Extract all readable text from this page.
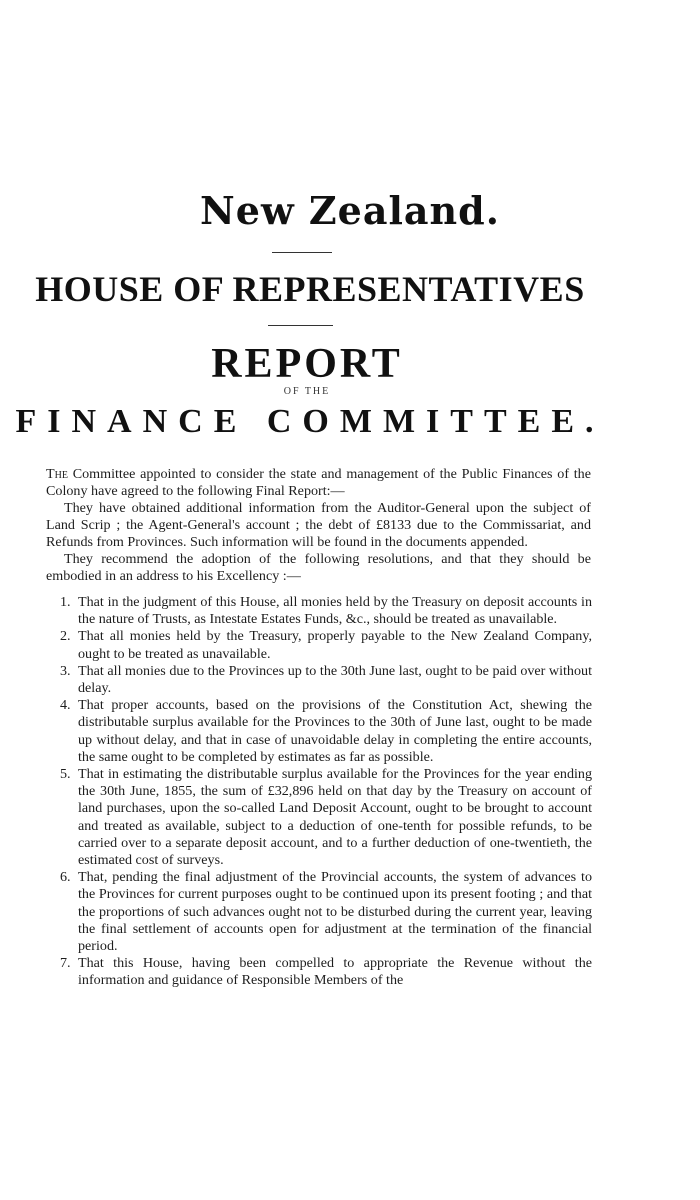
New Zealand.
HOUSE OF REPRESENTATIVES
REPORT
OF THE
FINANCE COMMITTEE.
The Committee appointed to consider the state and management of the Public Finances of the Colony have agreed to the following Final Report:—
They have obtained additional information from the Auditor-General upon the subject of Land Scrip ; the Agent-General's account ; the debt of £8133 due to the Commissariat, and Refunds from Provinces. Such information will be found in the documents appended.
They recommend the adoption of the following resolutions, and that they should be embodied in an address to his Excellency :—
1. That in the judgment of this House, all monies held by the Treasury on deposit accounts in the nature of Trusts, as Intestate Estates Funds, &c., should be treated as unavailable.
2. That all monies held by the Treasury, properly payable to the New Zealand Company, ought to be treated as unavailable.
3. That all monies due to the Provinces up to the 30th June last, ought to be paid over without delay.
4. That proper accounts, based on the provisions of the Constitution Act, shewing the distributable surplus available for the Provinces to the 30th of June last, ought to be made up without delay, and that in case of unavoidable delay in completing the entire accounts, the same ought to be completed by estimates as far as possible.
5. That in estimating the distributable surplus available for the Provinces for the year ending the 30th June, 1855, the sum of £32,896 held on that day by the Treasury on account of land purchases, upon the so-called Land Deposit Account, ought to be brought to account and treated as available, subject to a deduction of one-tenth for possible refunds, to be carried over to a separate deposit account, and to a further deduction of one-twentieth, the estimated cost of surveys.
6. That, pending the final adjustment of the Provincial accounts, the system of advances to the Provinces for current purposes ought to be continued upon its present footing ; and that the proportions of such advances ought not to be disturbed during the current year, leaving the final settlement of accounts open for adjustment at the termination of the financial period.
7. That this House, having been compelled to appropriate the Revenue without the information and guidance of Responsible Members of the
